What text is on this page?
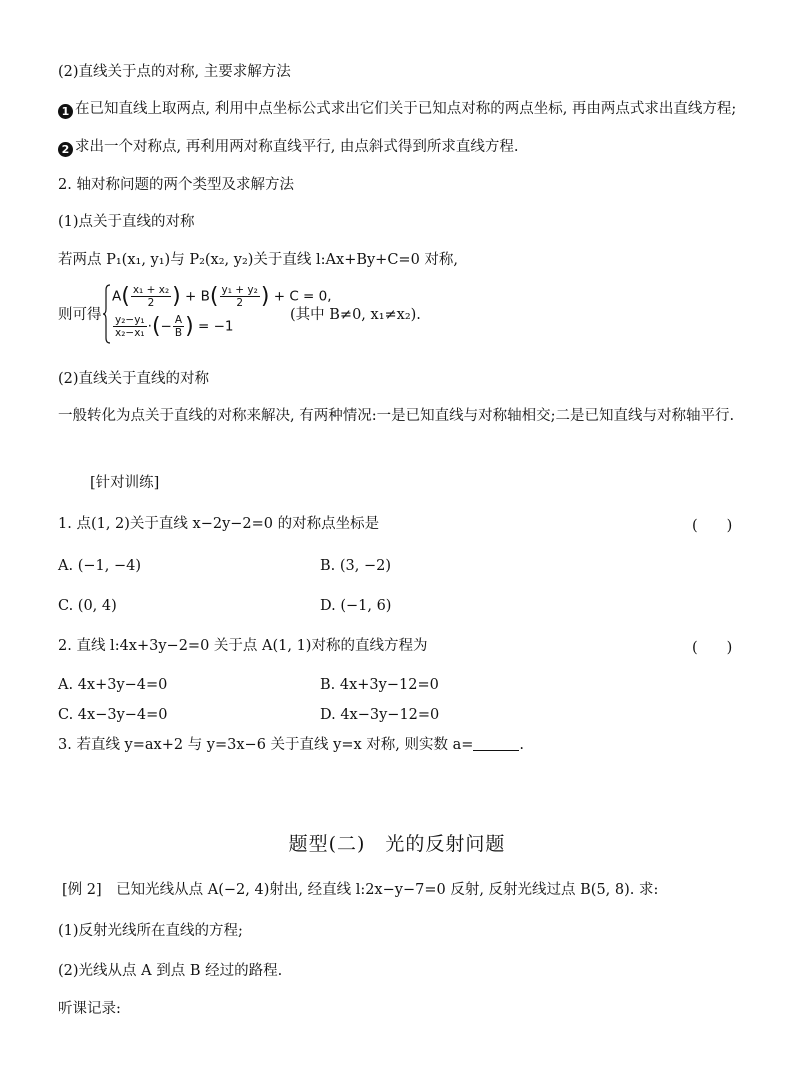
(2)直线关于点的对称, 主要求解方法
1 在已知直线上取两点, 利用中点坐标公式求出它们关于已知点对称的两点坐标, 再由两点式求出直线方程;
2 求出一个对称点, 再利用两对称直线平行, 由点斜式得到所求直线方程.
2. 轴对称问题的两个类型及求解方法
(1)点关于直线的对称
若两点 P₁(x₁, y₁)与 P₂(x₂, y₂)关于直线 l:Ax+By+C=0 对称,
则可得
$A( \frac{\text{x₁ + x₂}}{2}$ ) + $B( \frac{\text{y₁ + y₂}}{2}$ ) + C = 0,
$\frac{\text{y₂−y₁}}{\text{x₂−x₁}}$ ·(− $\frac{A}{B}$ ) = −1
(其中 B≠0, x₁≠x₂).
(2)直线关于直线的对称
一般转化为点关于直线的对称来解决, 有两种情况:一是已知直线与对称轴相交;二是已知直线与对称轴平行.
[针对训练]
1. 点(1, 2)关于直线 x−2y−2=0 的对称点坐标是	(　　)
A. (−1, −4)	B. (3, −2)
C. (0, 4)	D. (−1, 6)
2. 直线 l:4x+3y−2=0 关于点 A(1, 1)对称的直线方程为	(　　)
A. 4x+3y−4=0	B. 4x+3y−12=0
C. 4x−3y−4=0	D. 4x−3y−12=0
3. 若直线 y=ax+2 与 y=3x−6 关于直线 y=x 对称, 则实数 a=	.
题型(二)　光的反射问题
[例 2]　已知光线从点 A(−2, 4)射出, 经直线 l:2x−y−7=0 反射, 反射光线过点 B(5, 8). 求:
(1)反射光线所在直线的方程;
(2)光线从点 A 到点 B 经过的路程.
听课记录:
